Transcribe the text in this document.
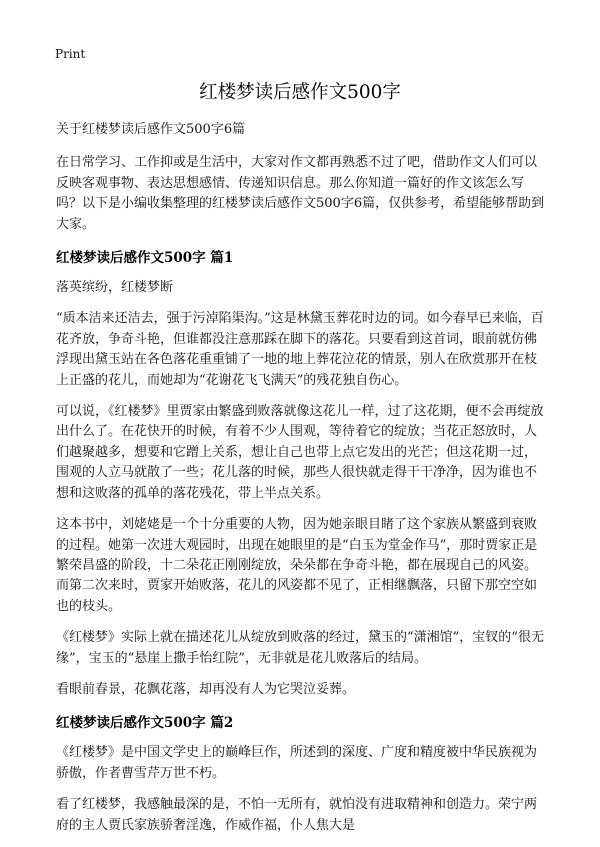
Print
红楼梦读后感作文500字

关于红楼梦读后感作文500字6篇

在日常学习、工作抑或是生活中，大家对作文都再熟悉不过了吧，借助作文人们可以反映客观事物、表达思想感情、传递知识信息。那么你知道一篇好的作文该怎么写吗？以下是小编收集整理的红楼梦读后感作文500字6篇，仅供参考，希望能够帮助到大家。

红楼梦读后感作文500字 篇1

落英缤纷，红楼梦断

“质本洁来还洁去，强于污淖陷渠沟。”这是林黛玉葬花时边的词。如今春早已来临，百花齐放，争奇斗艳，但谁都没注意那踩在脚下的落花。只要看到这首词，眼前就仿佛浮现出黛玉站在各色落花重重铺了一地的地上葬花泣花的情景，别人在欣赏那开在枝上正盛的花儿，而她却为“花谢花飞飞满天”的残花独自伤心。

可以说，《红楼梦》里贾家由繁盛到败落就像这花儿一样，过了这花期，便不会再绽放出什么了。在花快开的时候，有着不少人围观，等待着它的绽放；当花正怒放时，人们越聚越多，想要和它蹭上关系，想让自己也带上点它发出的光芒；但这花期一过，围观的人立马就散了一些；花儿落的时候，那些人很快就走得干干净净，因为谁也不想和这败落的孤单的落花残花，带上半点关系。

这本书中，刘姥姥是一个十分重要的人物，因为她亲眼目睹了这个家族从繁盛到衰败的过程。她第一次进大观园时，出现在她眼里的是“白玉为堂金作马”，那时贾家正是繁荣昌盛的阶段，十二朵花正刚刚绽放，朵朵都在争奇斗艳，都在展现自己的风姿。而第二次来时，贾家开始败落，花儿的风姿都不见了，正相继飘落，只留下那空空如也的枝头。

《红楼梦》实际上就在描述花儿从绽放到败落的经过，黛玉的“潇湘馆”，宝钗的“很无缘”，宝玉的“悬崖上撒手怡红院”，无非就是花儿败落后的结局。

看眼前春景，花飘花落，却再没有人为它哭泣妥葬。

红楼梦读后感作文500字 篇2

《红楼梦》是中国文学史上的巅峰巨作，所述到的深度、广度和精度被中华民族视为骄傲，作者曹雪芹万世不朽。

看了红楼梦，我感触最深的是，不怕一无所有，就怕没有进取精神和创造力。荣宁两府的主人贾氏家族骄奢淫逸，作威作福，仆人焦大是
